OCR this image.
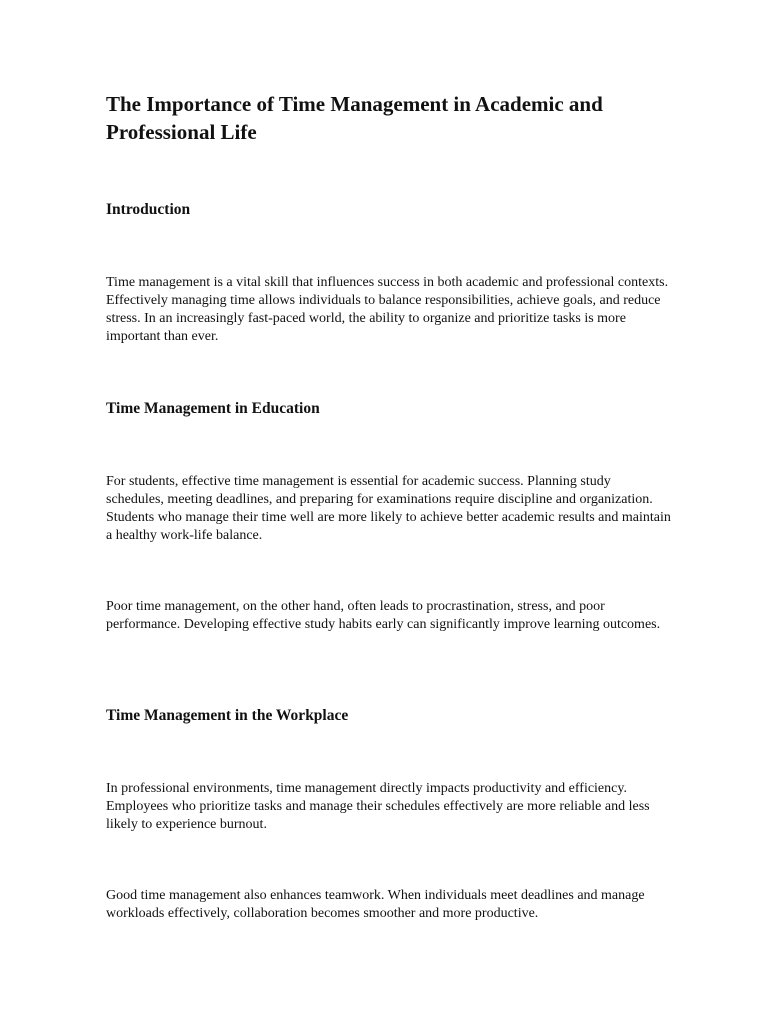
The Importance of Time Management in Academic and Professional Life
Introduction

Time management is a vital skill that influences success in both academic and professional contexts. Effectively managing time allows individuals to balance responsibilities, achieve goals, and reduce stress. In an increasingly fast-paced world, the ability to organize and prioritize tasks is more important than ever.

Time Management in Education

For students, effective time management is essential for academic success. Planning study schedules, meeting deadlines, and preparing for examinations require discipline and organization. Students who manage their time well are more likely to achieve better academic results and maintain a healthy work-life balance.

Poor time management, on the other hand, often leads to procrastination, stress, and poor performance. Developing effective study habits early can significantly improve learning outcomes.

Time Management in the Workplace

In professional environments, time management directly impacts productivity and efficiency. Employees who prioritize tasks and manage their schedules effectively are more reliable and less likely to experience burnout.

Good time management also enhances teamwork. When individuals meet deadlines and manage workloads effectively, collaboration becomes smoother and more productive.
